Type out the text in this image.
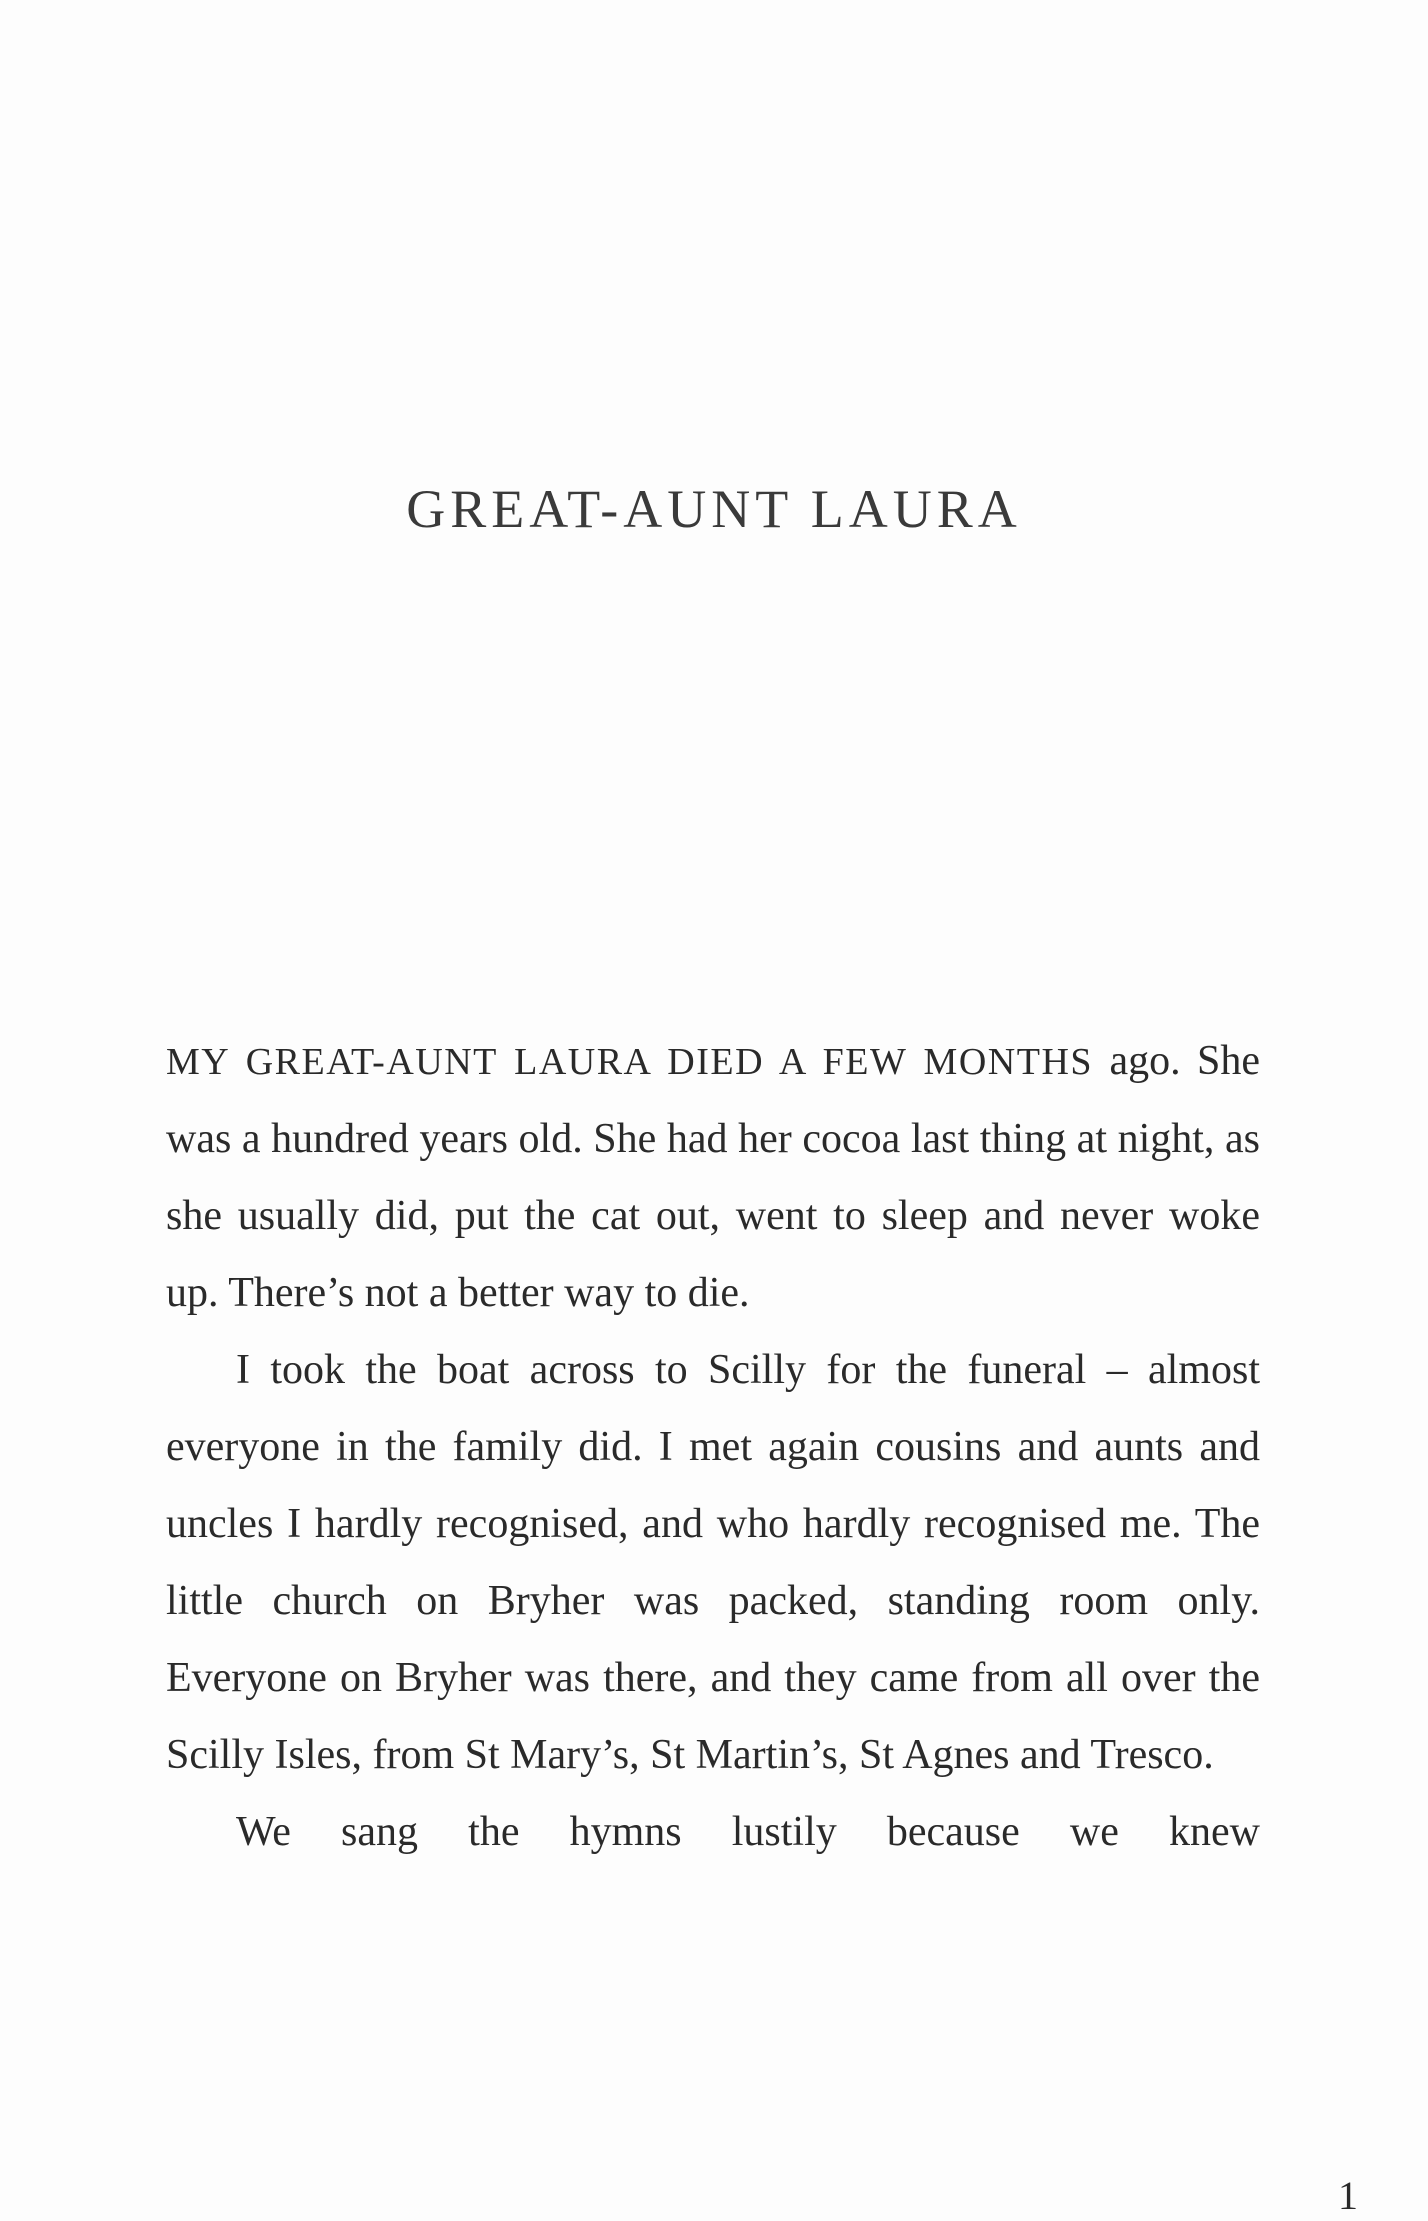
GREAT-AUNT LAURA

MY GREAT-AUNT LAURA DIED A FEW MONTHS ago. She was a hundred years old. She had her cocoa last thing at night, as she usually did, put the cat out, went to sleep and never woke up. There’s not a better way to die.

I took the boat across to Scilly for the funeral – almost everyone in the family did. I met again cousins and aunts and uncles I hardly recognised, and who hardly recognised me. The little church on Bryher was packed, standing room only. Everyone on Bryher was there, and they came from all over the Scilly Isles, from St Mary’s, St Martin’s, St Agnes and Tresco.

We sang the hymns lustily because we knew

1
